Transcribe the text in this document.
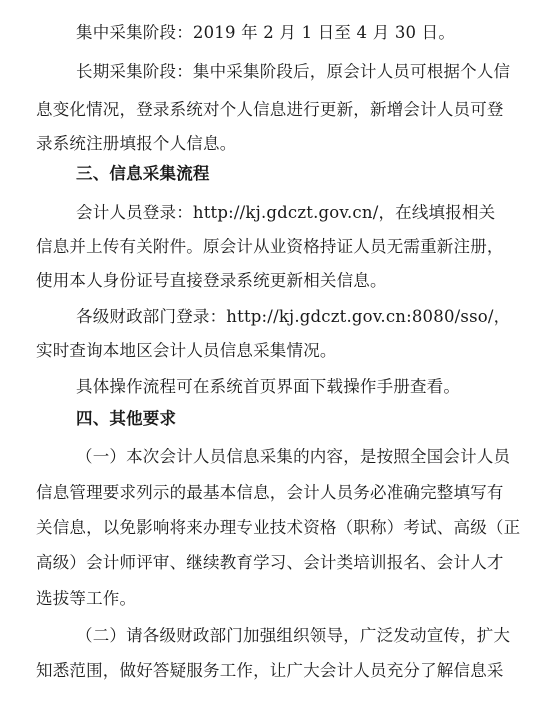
集中采集阶段：2019 年 2 月 1 日至 4 月 30 日。
长期采集阶段：集中采集阶段后，原会计人员可根据个人信
息变化情况，登录系统对个人信息进行更新，新增会计人员可登
录系统注册填报个人信息。
三、信息采集流程
会计人员登录：http://kj.gdczt.gov.cn/，在线填报相关
信息并上传有关附件。原会计从业资格持证人员无需重新注册，
使用本人身份证号直接登录系统更新相关信息。
各级财政部门登录：http://kj.gdczt.gov.cn:8080/sso/，
实时查询本地区会计人员信息采集情况。
具体操作流程可在系统首页界面下载操作手册查看。
四、其他要求
（一）本次会计人员信息采集的内容，是按照全国会计人员
信息管理要求列示的最基本信息，会计人员务必准确完整填写有
关信息，以免影响将来办理专业技术资格（职称）考试、高级（正
高级）会计师评审、继续教育学习、会计类培训报名、会计人才
选拔等工作。
（二）请各级财政部门加强组织领导，广泛发动宣传，扩大
知悉范围，做好答疑服务工作，让广大会计人员充分了解信息采
